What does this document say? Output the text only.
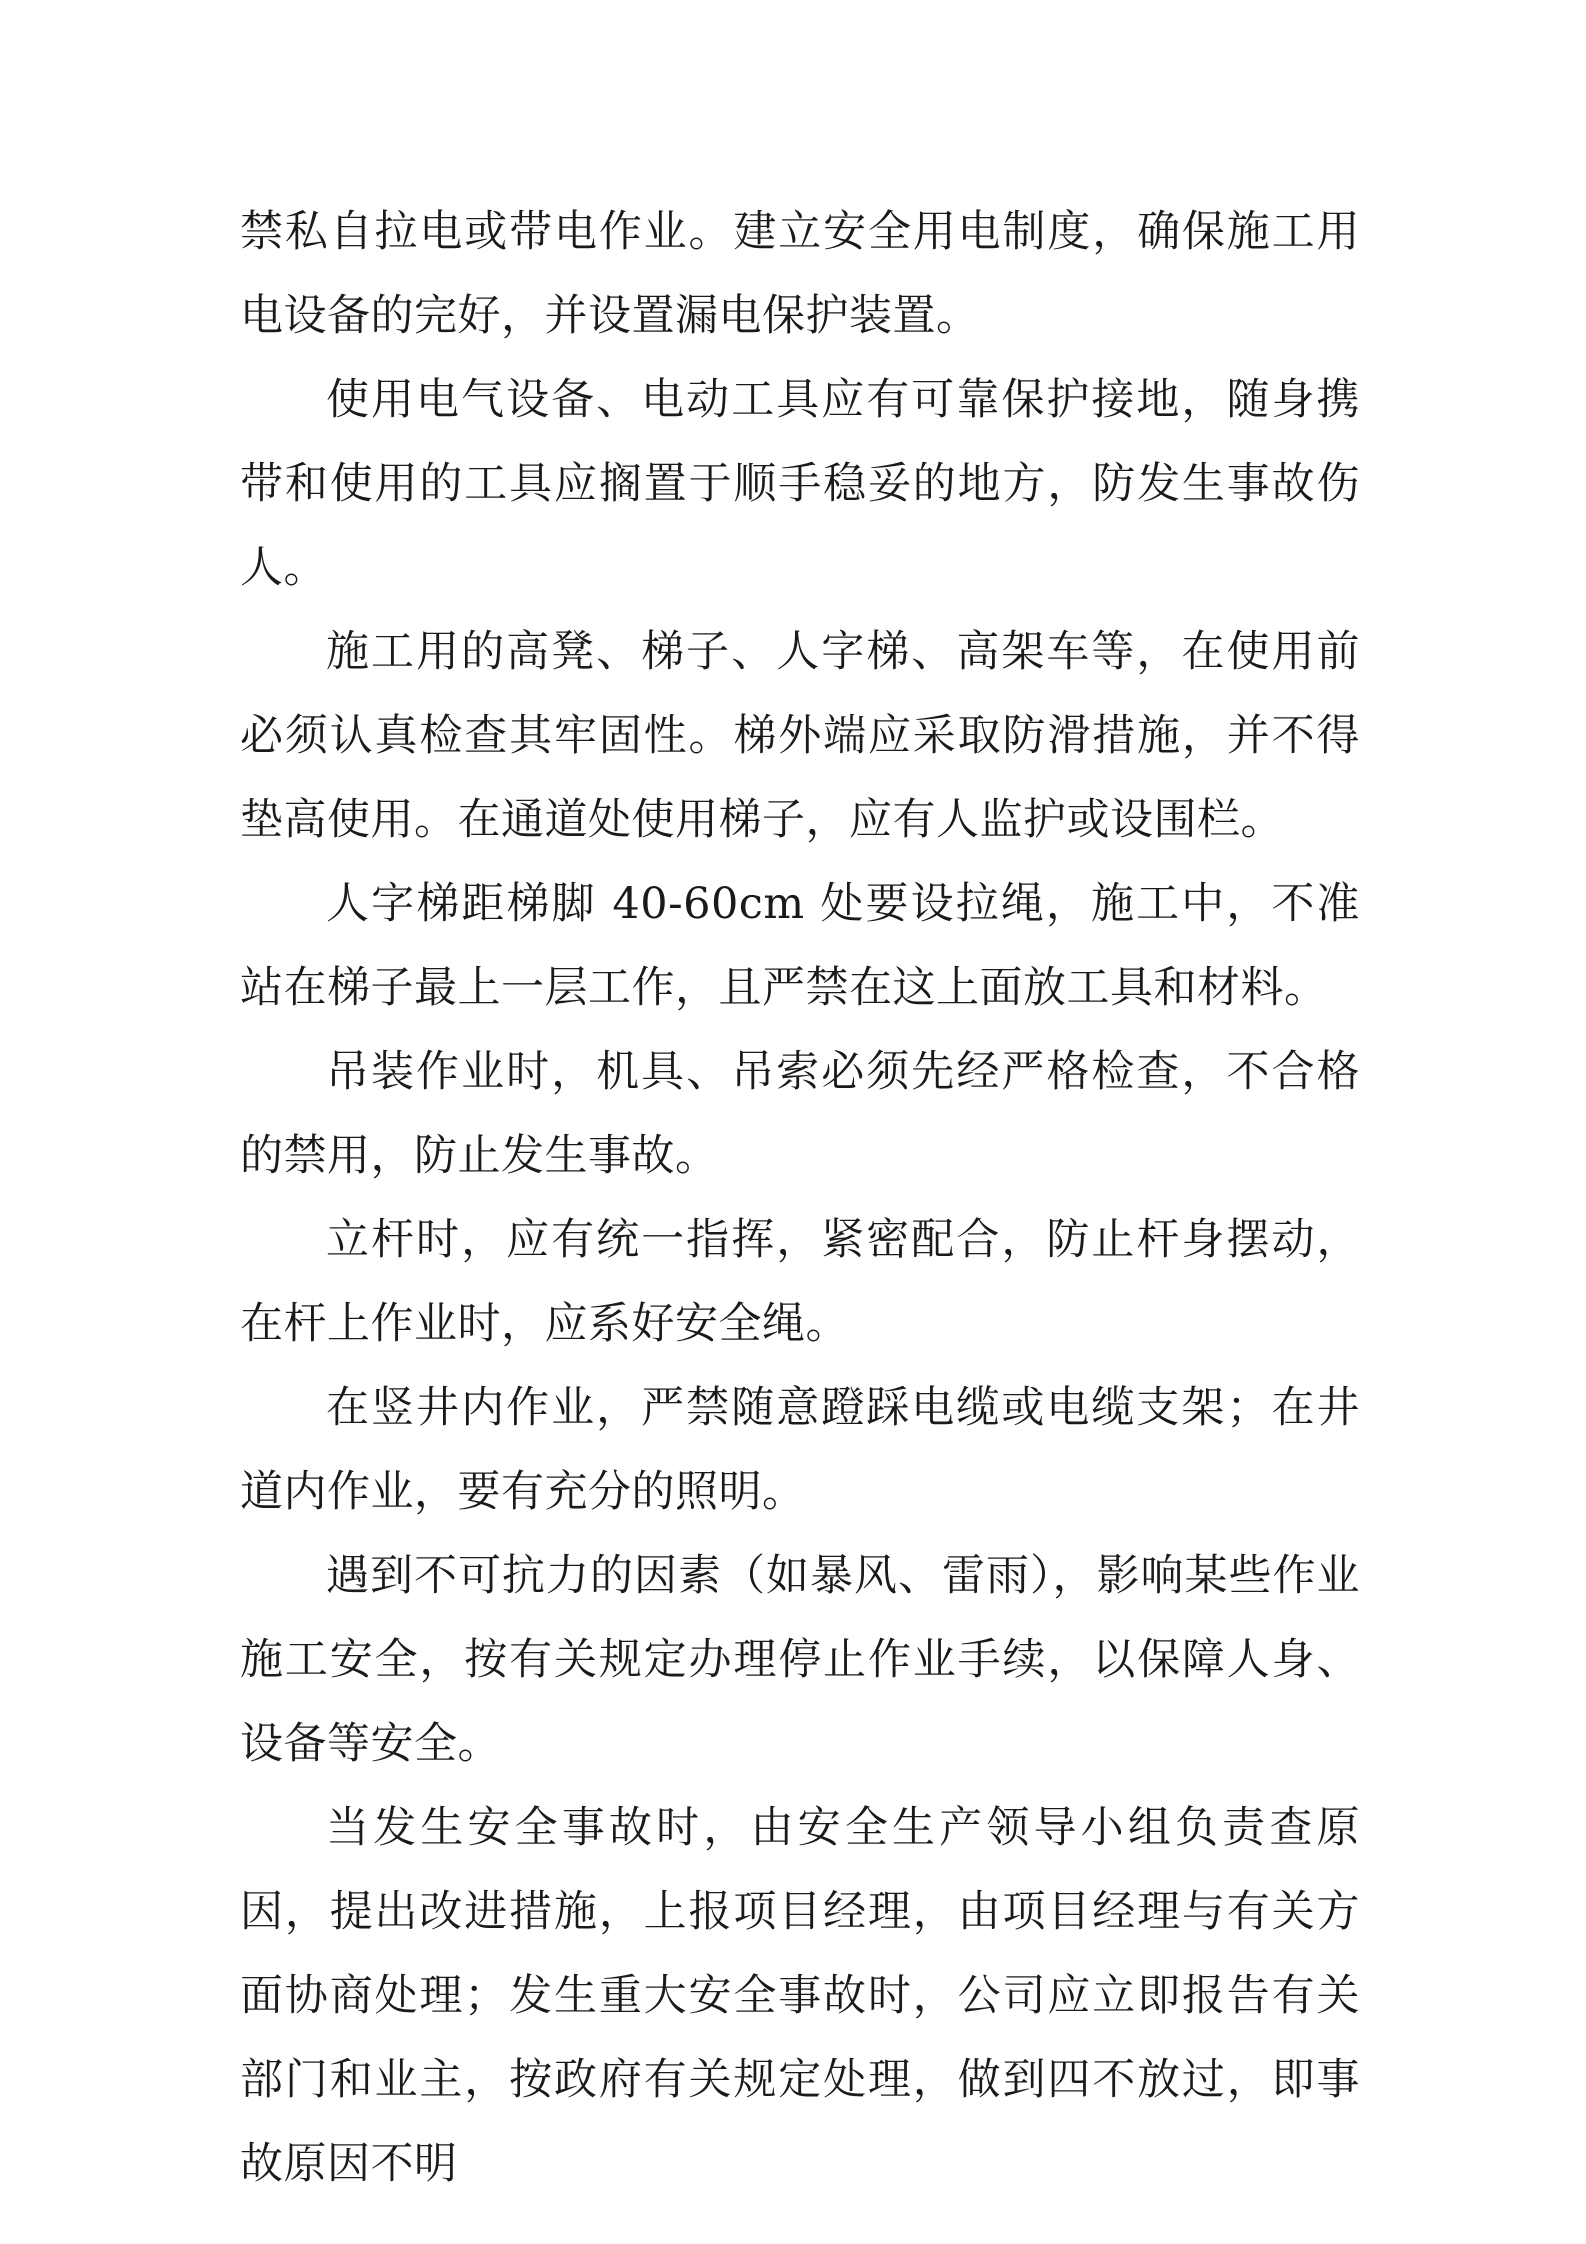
禁私自拉电或带电作业。建立安全用电制度，确保施工用电设备的完好，并设置漏电保护装置。

使用电气设备、电动工具应有可靠保护接地，随身携带和使用的工具应搁置于顺手稳妥的地方，防发生事故伤人。

施工用的高凳、梯子、人字梯、高架车等，在使用前必须认真检查其牢固性。梯外端应采取防滑措施，并不得垫高使用。在通道处使用梯子，应有人监护或设围栏。

人字梯距梯脚 40-60cm 处要设拉绳，施工中，不准站在梯子最上一层工作，且严禁在这上面放工具和材料。

吊装作业时，机具、吊索必须先经严格检查，不合格的禁用，防止发生事故。

立杆时，应有统一指挥，紧密配合，防止杆身摆动，在杆上作业时，应系好安全绳。

在竖井内作业，严禁随意蹬踩电缆或电缆支架；在井道内作业，要有充分的照明。

遇到不可抗力的因素（如暴风、雷雨），影响某些作业施工安全，按有关规定办理停止作业手续，以保障人身、设备等安全。

当发生安全事故时，由安全生产领导小组负责查原因，提出改进措施，上报项目经理，由项目经理与有关方面协商处理；发生重大安全事故时，公司应立即报告有关部门和业主，按政府有关规定处理，做到四不放过，即事故原因不明
